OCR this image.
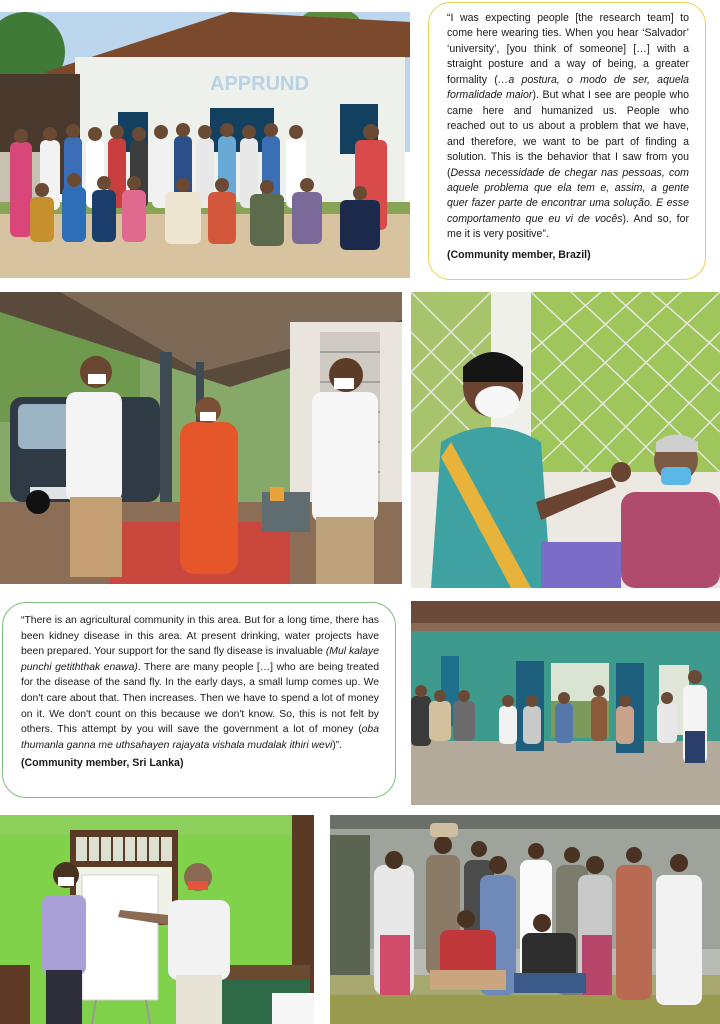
APPRUND

“I was expecting people [the research team] to come here wearing ties. When you hear ‘Salvador’ ‘university’, [you think of someone] […] with a straight posture and a way of being, a greater formality (…a postura, o modo de ser, aquela formalidade maior). But what I see are people who came here and humanized us. People who reached out to us about a problem that we have, and therefore, we want to be part of finding a solution. This is the behavior that I saw from you (Dessa necessidade de chegar nas pessoas, com aquele problema que ela tem e, assim, a gente quer fazer parte de encontrar uma solução. E esse comportamento que eu vi de vocês). And so, for me it is very positive”.

(Community member, Brazil)

“There is an agricultural community in this area. But for a long time, there has been kidney disease in this area. At present drinking, water projects have been prepared. Your support for the sand fly disease is invaluable (Mul kalaye punchi getiththak enawa). There are many people […] who are being treated for the disease of the sand fly. In the early days, a small lump comes up. We don't care about that. Then increases. Then we have to spend a lot of money on it. We don't count on this because we don't know. So, this is not felt by others. This attempt by you will save the government a lot of money (oba thumanla ganna me uthsahayen rajayata vishala mudalak ithiri wevi)”.

(Community member, Sri Lanka)
